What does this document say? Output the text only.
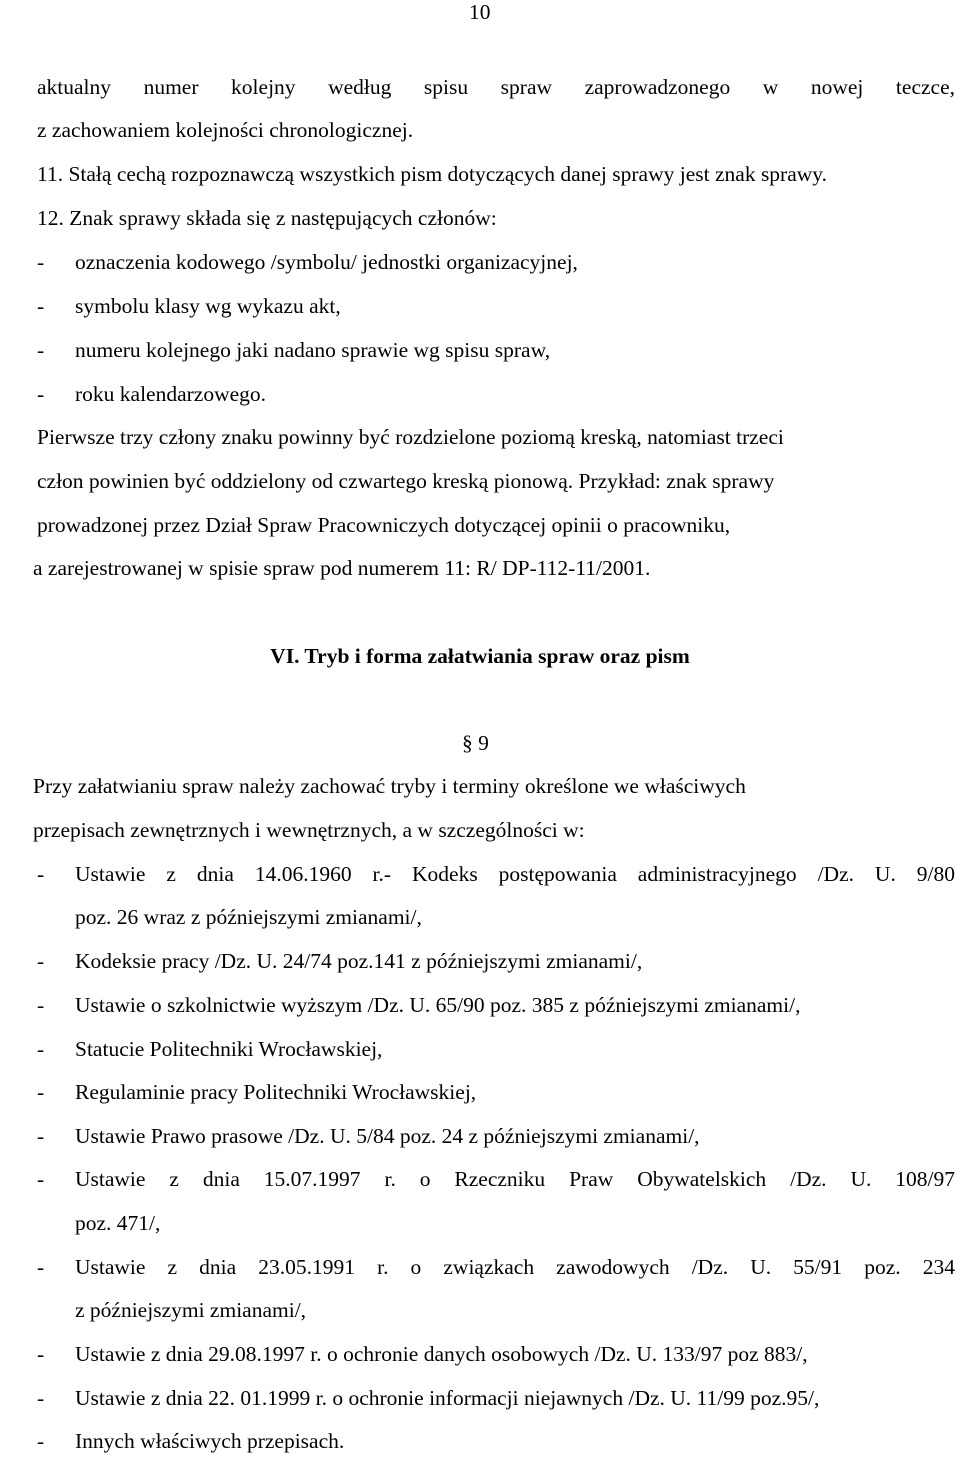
10
aktualny numer kolejny według spisu spraw zaprowadzonego w nowej teczce,
z zachowaniem kolejności chronologicznej.
11. Stałą cechą rozpoznawczą wszystkich pism dotyczących danej sprawy jest znak sprawy.
12. Znak sprawy składa się z następujących członów:
- oznaczenia kodowego /symbolu/ jednostki organizacyjnej,
- symbolu klasy wg wykazu akt,
- numeru kolejnego jaki nadano sprawie wg spisu spraw,
- roku kalendarzowego.
Pierwsze trzy człony znaku powinny być rozdzielone poziomą kreską, natomiast trzeci
człon powinien być oddzielony od czwartego kreską pionową. Przykład: znak sprawy
prowadzonej przez Dział Spraw Pracowniczych dotyczącej opinii o pracowniku,
a zarejestrowanej w spisie spraw pod numerem 11: R/ DP-112-11/2001.
VI. Tryb i forma załatwiania spraw oraz pism
§ 9
Przy załatwianiu spraw należy zachować tryby i terminy określone we właściwych
przepisach zewnętrznych i wewnętrznych, a w szczególności w:
- Ustawie z dnia 14.06.1960 r.- Kodeks postępowania administracyjnego /Dz. U. 9/80
poz. 26 wraz z późniejszymi zmianami/,
- Kodeksie pracy /Dz. U. 24/74 poz.141 z późniejszymi zmianami/,
- Ustawie o szkolnictwie wyższym /Dz. U. 65/90 poz. 385 z późniejszymi zmianami/,
- Statucie Politechniki Wrocławskiej,
- Regulaminie pracy Politechniki Wrocławskiej,
- Ustawie Prawo prasowe /Dz. U. 5/84 poz. 24 z późniejszymi zmianami/,
- Ustawie z dnia 15.07.1997 r. o Rzeczniku Praw Obywatelskich /Dz. U. 108/97
poz. 471/,
- Ustawie z dnia 23.05.1991 r. o związkach zawodowych /Dz. U. 55/91 poz. 234
z późniejszymi zmianami/,
- Ustawie z dnia 29.08.1997 r. o ochronie danych osobowych /Dz. U. 133/97 poz 883/,
- Ustawie z dnia 22. 01.1999 r. o ochronie informacji niejawnych /Dz. U. 11/99 poz.95/,
- Innych właściwych przepisach.
